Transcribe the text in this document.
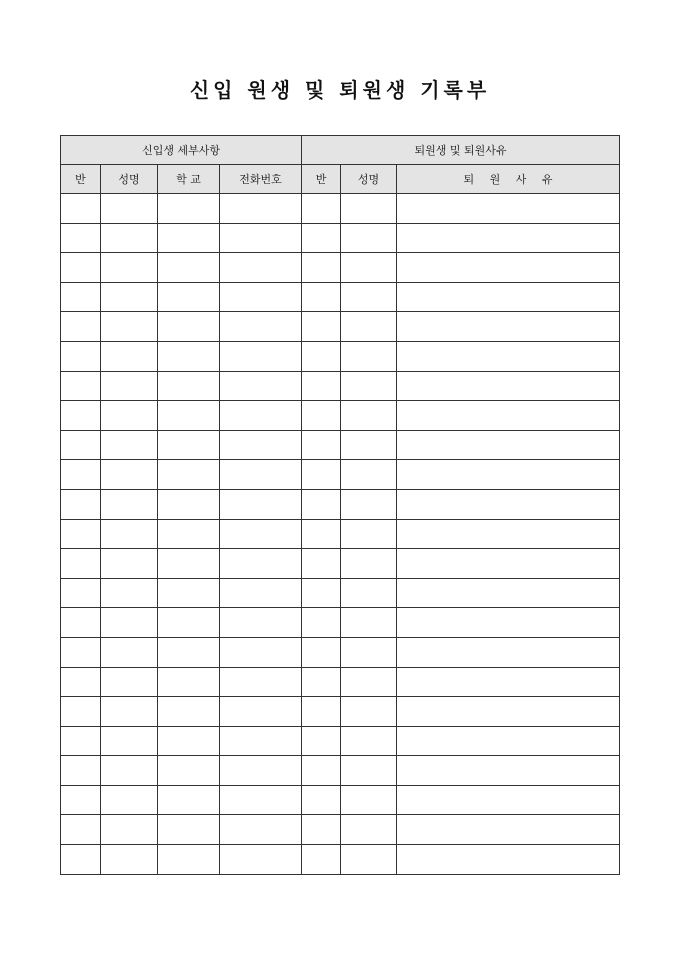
신입 원생 및 퇴원생 기록부
신입생 세부사항				퇴원생 및 퇴원사유		
반	성명	학 교	전화번호	반	성명	퇴 원 사 유
